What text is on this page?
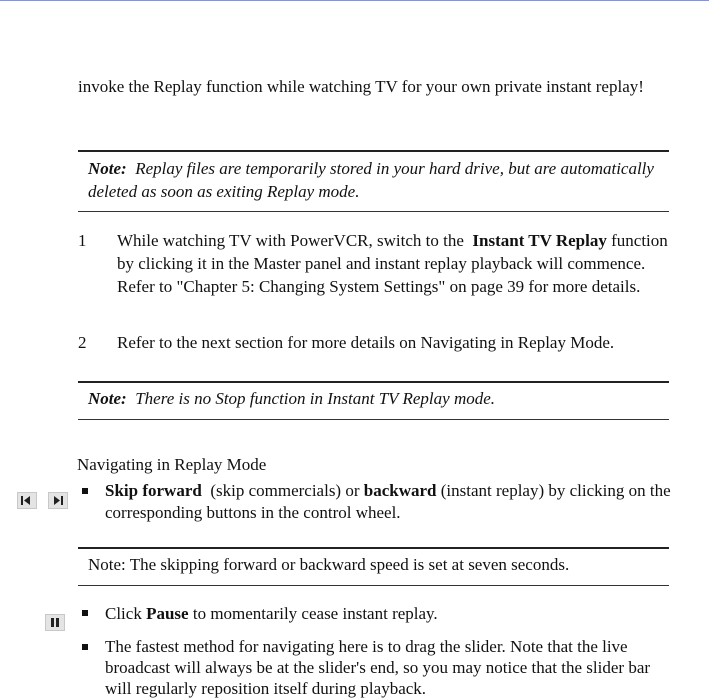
invoke the Replay function while watching TV for your own private instant replay!
Note: Replay files are temporarily stored in your hard drive, but are automatically deleted as soon as exiting Replay mode.
1 While watching TV with PowerVCR, switch to the Instant TV Replay function by clicking it in the Master panel and instant replay playback will commence. Refer to "Chapter 5: Changing System Settings" on page 39 for more details.
2 Refer to the next section for more details on Navigating in Replay Mode.
Note: There is no Stop function in Instant TV Replay mode.
Navigating in Replay Mode
Skip forward (skip commercials) or backward (instant replay) by clicking on the corresponding buttons in the control wheel.
Note: The skipping forward or backward speed is set at seven seconds.
Click Pause to momentarily cease instant replay.
The fastest method for navigating here is to drag the slider. Note that the live broadcast will always be at the slider's end, so you may notice that the slider bar will regularly reposition itself during playback.
